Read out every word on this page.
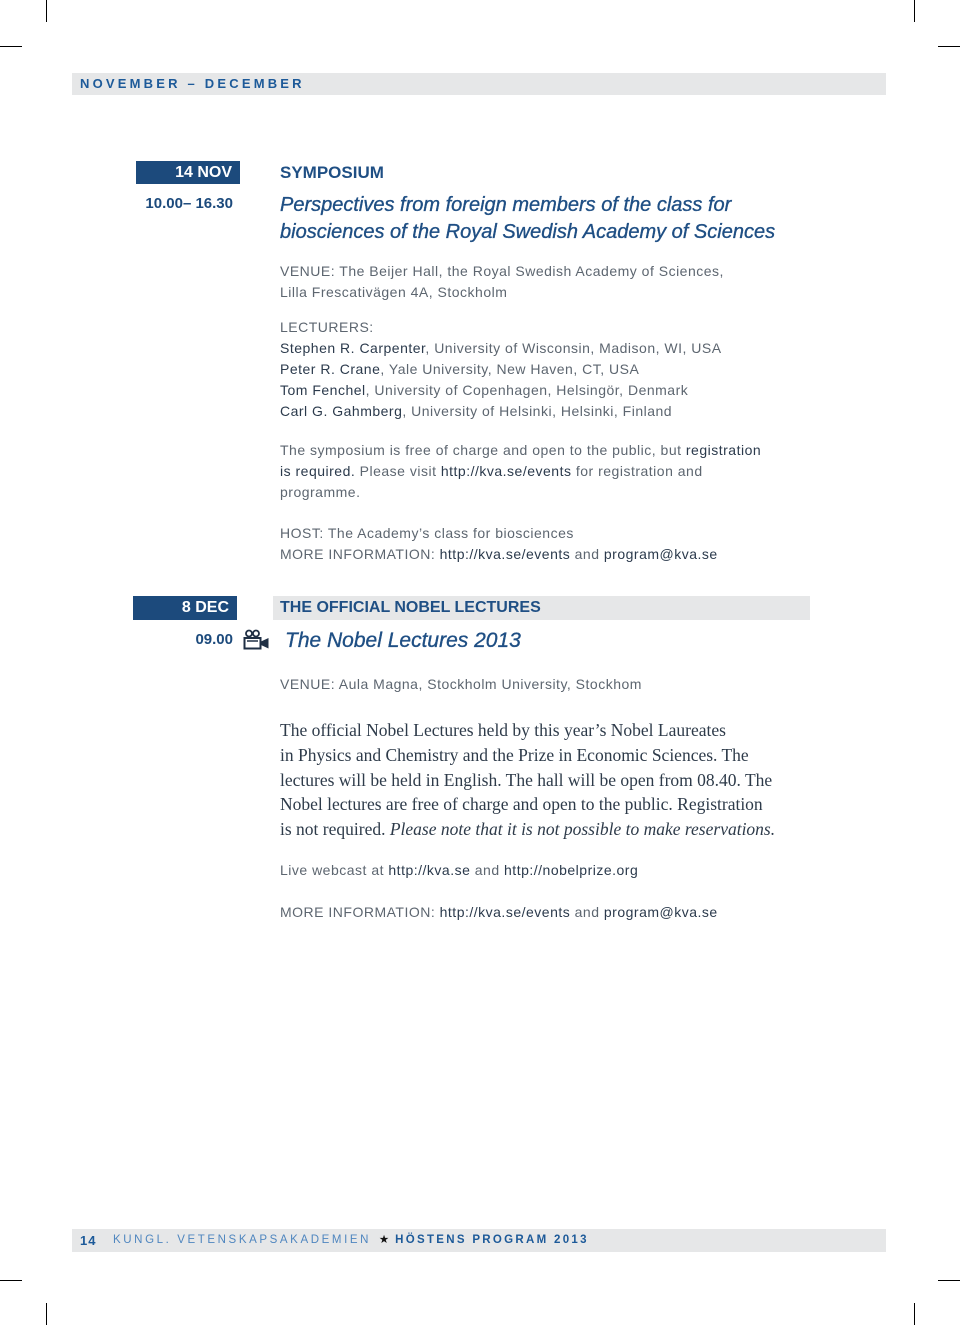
NOVEMBER – DECEMBER
14 NOV
10.00– 16.30
SYMPOSIUM
Perspectives from foreign members of the class for
biosciences of the Royal Swedish Academy of Sciences
VENUE: The Beijer Hall, the Royal Swedish Academy of Sciences,
Lilla Frescativägen 4A, Stockholm
LECTURERS:
Stephen R. Carpenter, University of Wisconsin, Madison, WI, USA
Peter R. Crane, Yale University, New Haven, CT, USA
Tom Fenchel, University of Copenhagen, Helsingör, Denmark
Carl G. Gahmberg, University of Helsinki, Helsinki, Finland
The symposium is free of charge and open to the public, but registration
is required. Please visit http://kva.se/events for registration and
programme.
HOST: The Academy’s class for biosciences
MORE INFORMATION: http://kva.se/events and program@kva.se
8 DEC	THE OFFICIAL NOBEL LECTURES
09.00 The Nobel Lectures 2013
VENUE: Aula Magna, Stockholm University, Stockhom
The official Nobel Lectures held by this year’s Nobel Laureates
in Physics and Chemistry and the Prize in Economic Sciences. The
lectures will be held in English. The hall will be open from 08.40. The
Nobel lectures are free of charge and open to the public. Registration
is not required. Please note that it is not possible to make reservations.
Live webcast at http://kva.se and http://nobelprize.org
MORE INFORMATION: http://kva.se/events and program@kva.se
14 KUNGL. VETENSKAPSAKADEMIEN ★ HÖSTENS PROGRAM 2013
